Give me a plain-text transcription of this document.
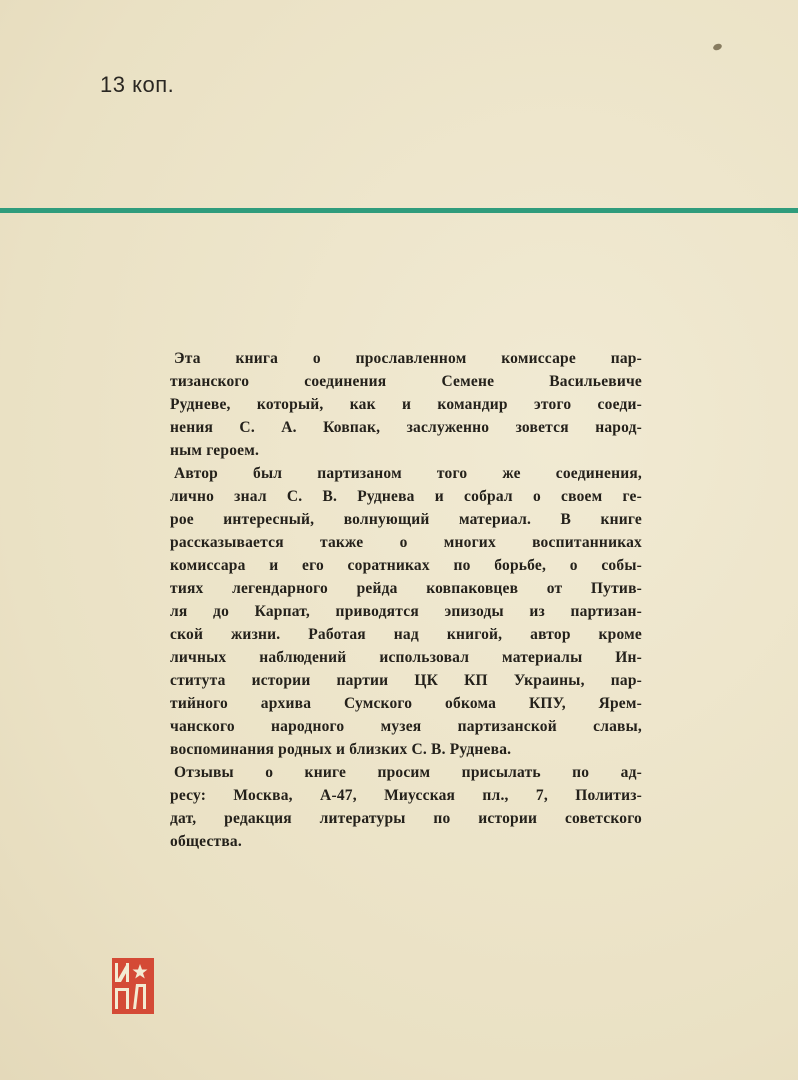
13 коп.

Эта книга о прославленном комиссаре пар-
тизанского соединения Семене Васильевиче
Рудневе, который, как и командир этого соеди-
нения С. А. Ковпак, заслуженно зовется народ-
ным героем.

Автор был партизаном того же соединения,
лично знал С. В. Руднева и собрал о своем ге-
рое интересный, волнующий материал. В книге
рассказывается также о многих воспитанниках
комиссара и его соратниках по борьбе, о собы-
тиях легендарного рейда ковпаковцев от Путив-
ля до Карпат, приводятся эпизоды из партизан-
ской жизни. Работая над книгой, автор кроме
личных наблюдений использовал материалы Ин-
ститута истории партии ЦК КП Украины, пар-
тийного архива Сумского обкома КПУ, Ярем-
чанского народного музея партизанской славы,
воспоминания родных и близких С. В. Руднева.

Отзывы о книге просим присылать по ад-
ресу: Москва, А-47, Миусская пл., 7, Политиз-
дат, редакция литературы по истории советского
общества.
